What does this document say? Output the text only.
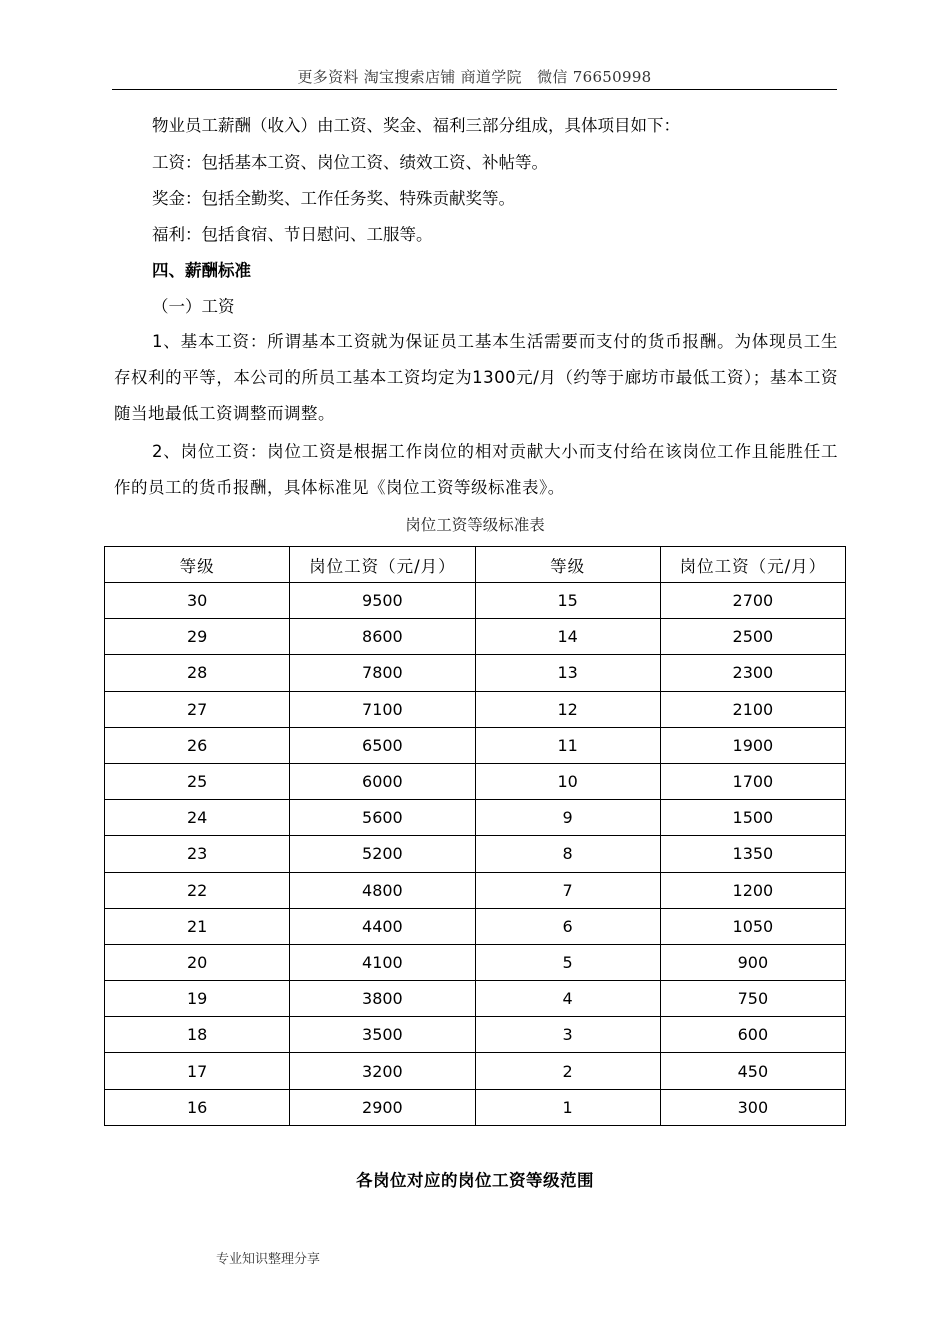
更多资料 淘宝搜索店铺 商道学院　微信 76650998
物业员工薪酬（收入）由工资、奖金、福利三部分组成，具体项目如下：
工资：包括基本工资、岗位工资、绩效工资、补帖等。
奖金：包括全勤奖、工作任务奖、特殊贡献奖等。
福利：包括食宿、节日慰问、工服等。
四、薪酬标准
（一）工资
1、基本工资：所谓基本工资就为保证员工基本生活需要而支付的货币报酬。为体现员工生存权利的平等，本公司的所员工基本工资均定为1300元/月（约等于廊坊市最低工资）；基本工资随当地最低工资调整而调整。
2、岗位工资：岗位工资是根据工作岗位的相对贡献大小而支付给在该岗位工作且能胜任工作的员工的货币报酬，具体标准见《岗位工资等级标准表》。
岗位工资等级标准表
等级	岗位工资（元/月）	等级	岗位工资（元/月）
30	9500	15	2700
29	8600	14	2500
28	7800	13	2300
27	7100	12	2100
26	6500	11	1900
25	6000	10	1700
24	5600	9	1500
23	5200	8	1350
22	4800	7	1200
21	4400	6	1050
20	4100	5	900
19	3800	4	750
18	3500	3	600
17	3200	2	450
16	2900	1	300
各岗位对应的岗位工资等级范围
专业知识整理分享
